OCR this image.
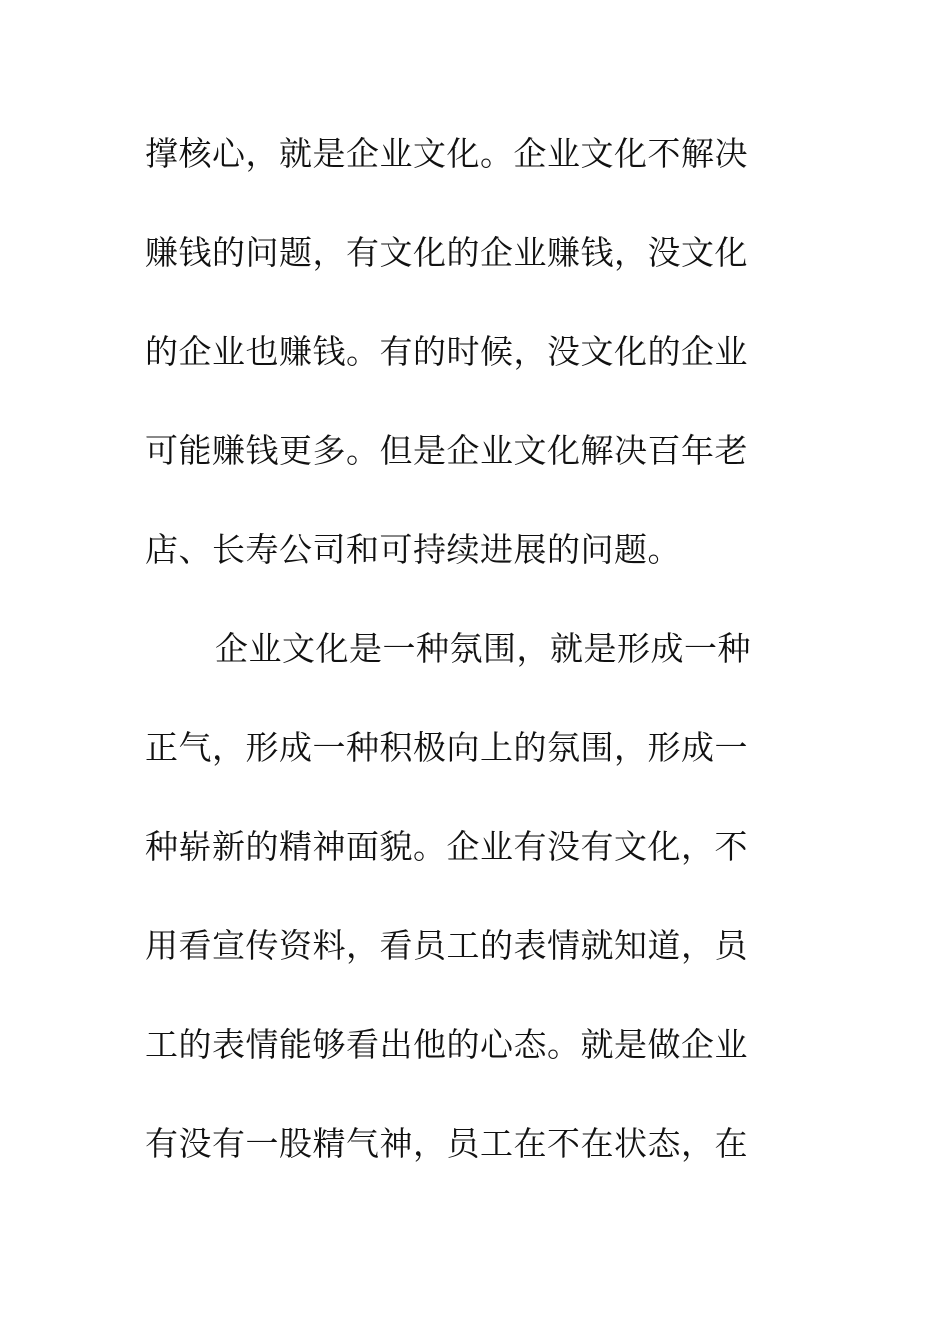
撑核心，就是企业文化。企业文化不解决
赚钱的问题，有文化的企业赚钱，没文化
的企业也赚钱。有的时候，没文化的企业
可能赚钱更多。但是企业文化解决百年老
店、长寿公司和可持续进展的问题。
企业文化是一种氛围，就是形成一种
正气，形成一种积极向上的氛围，形成一
种崭新的精神面貌。企业有没有文化，不
用看宣传资料，看员工的表情就知道，员
工的表情能够看出他的心态。就是做企业
有没有一股精气神，员工在不在状态，在
